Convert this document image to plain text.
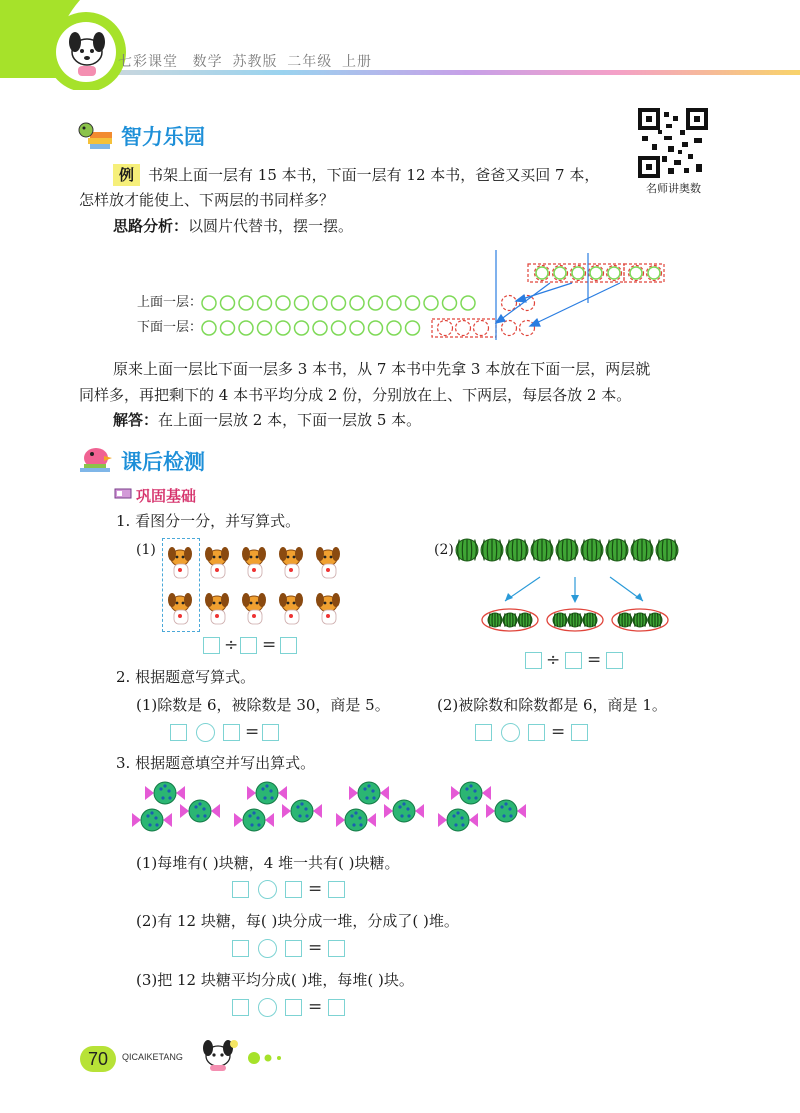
七彩课堂 数学 苏教版 二年级 上册
名师讲奥数
智力乐园
例 书架上面一层有 15 本书，下面一层有 12 本书，爸爸又买回 7 本，
怎样放才能使上、下两层的书同样多？
思路分析：以圆片代替书，摆一摆。
上面一层：
下面一层：
原来上面一层比下面一层多 3 本书，从 7 本书中先拿 3 本放在下面一层，两层就
同样多，再把剩下的 4 本书平均分成 2 份，分别放在上、下两层，每层各放 2 本。
解答：在上面一层放 2 本，下面一层放 5 本。
课后检测
巩固基础
1. 看图分一分，并写算式。
(1)	(2)
÷ =
÷ =
2. 根据题意写算式。
(1)除数是 6，被除数是 30，商是 5。	(2)被除数和除数都是 6，商是 1。
=	=
3. 根据题意填空并写出算式。
(1)每堆有( )块糖，4 堆一共有( )块糖。
=
(2)有 12 块糖，每( )块分成一堆，分成了( )堆。
=
(3)把 12 块糖平均分成( )堆，每堆( )块。
=
70	QICAIKETANG
